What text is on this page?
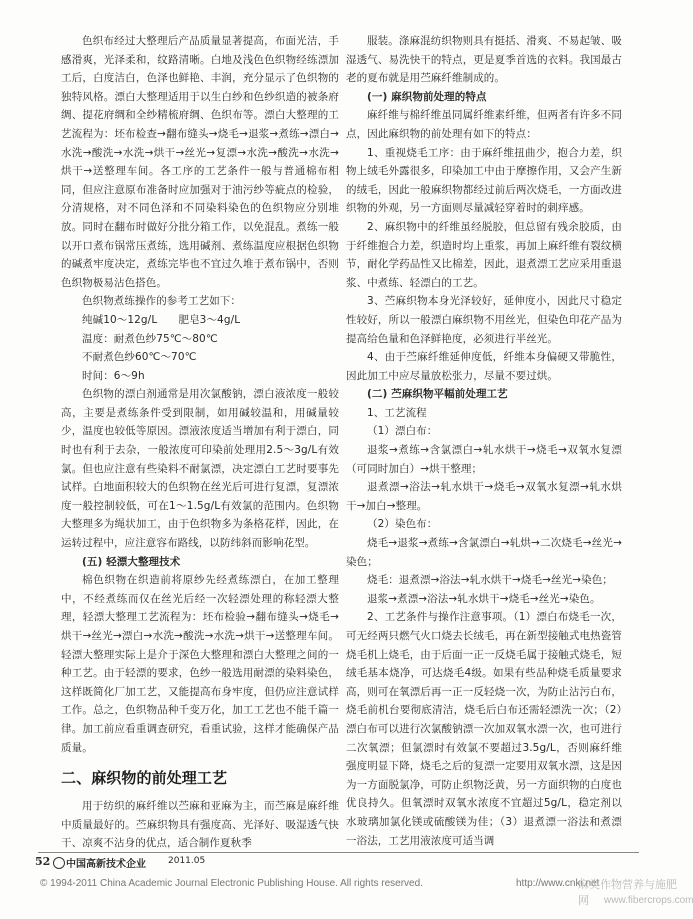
色织布经过大整理后产品质量显著提高，布面光洁，手感滑爽，光泽柔和，纹路清晰。白地及浅色色织物经练漂加工后，白度洁白，色泽也鲜艳、丰润，充分显示了色织物的独特风格。漂白大整理适用于以生白纱和色纱织造的被条府绸、提花府绸和全纱精梳府绸、色织布等。漂白大整理的工艺流程为：坯布检查→翻布缝头→烧毛→退浆→煮练→漂白→水洗→酸洗→水洗→烘干→丝光→复漂→水洗→酸洗→水洗→烘干→送整理车间。各工序的工艺条件一般与普通棉布相同，但应注意原布准备时应加强对于油污纱等疵点的检验，分清规格，对不同色泽和不同染料染色的色织物应分别堆放。同时在翻布时做好分批分箱工作，以免混乱。煮练一般以开口煮布锅常压煮练，选用碱剂、煮练温度应根据色织物的碱煮牢度决定，煮练完毕也不宜过久堆于煮布锅中，否则色织物极易沾色搭色。

色织物煮练操作的参考工艺如下：

纯碱10～12g/L　　肥皂3～4g/L

温度：耐煮色纱75℃～80℃

不耐煮色纱60℃～70℃

时间：6～9h

色织物的漂白剂通常是用次氯酸钠，漂白液浓度一般较高，主要是煮练条件受到限制，如用碱较温和，用碱量较少，温度也较低等原因。漂液浓度适当增加有利于漂白，同时也有利于去杂，一般浓度可印染前处理用2.5～3g/L有效氯。但也应注意有些染料不耐氯漂，决定漂白工艺时要事先试样。白地面积较大的色织物在丝光后可进行复漂，复漂浓度一般控制较低，可在1～1.5g/L有效氯的范围内。色织物大整理多为绳状加工，由于色织物多为条格花样，因此，在运转过程中，应注意容布路线，以防纬斜而影响花型。

(五) 轻漂大整理技术

棉色织物在织造前将原纱先经煮练漂白，在加工整理中，不经煮练而仅在丝光后经一次轻漂处理的称轻漂大整理，轻漂大整理工艺流程为：坯布检验→翻布缝头→烧毛→烘干→丝光→漂白→水洗→酸洗→水洗→烘干→送整理车间。轻漂大整理实际上是介于深色大整理和漂白大整理之间的一种工艺。由于轻漂的要求，色纱一般选用耐漂的染料染色，这样既简化厂加工艺，又能提高布身牢度，但仍应注意试样工作。总之，色织物品种千变万化，加工工艺也不能千篇一律。加工前应看重调查研究，看重试验，这样才能确保产品质量。

二、麻织物的前处理工艺

用于纺织的麻纤维以苎麻和亚麻为主，而苎麻是麻纤维中质量最好的。苎麻织物具有强度高、光泽好、吸湿透气快干、凉爽不沾身的优点，适合制作夏秋季

服装。涤麻混纺织物则具有挺括、滑爽、不易起皱、吸湿透气、易洗快干的特点，更是夏季首选的衣料。我国最古老的夏布就是用苎麻纤维制成的。

(一) 麻织物前处理的特点

麻纤维与棉纤维虽同属纤维素纤维，但两者有许多不同点，因此麻织物的前处理有如下的特点：

1、重视烧毛工序：由于麻纤维扭曲少，抱合力差，织物上绒毛外露很多，印染加工中由于摩擦作用，又会产生新的绒毛，因此一般麻织物都经过前后两次烧毛，一方面改进织物的外观，另一方面则尽量减轻穿着时的刺痒感。

2、麻织物中的纤维虽经脱胶，但总留有残余胶质，由于纤维抱合力差，织造时均上重浆，再加上麻纤维有裂纹横节，耐化学药品性又比棉差，因此，退煮漂工艺应采用重退浆、中煮练、轻漂白的工艺。

3、苎麻织物本身光泽较好，延伸度小，因此尺寸稳定性较好，所以一般漂白麻织物不用丝光，但染色印花产品为提高给色量和色泽鲜艳度，必须进行半丝光。

4、由于苎麻纤维延伸度低，纤维本身偏硬又带脆性，因此加工中应尽量放松张力，尽量不要过烘。

(二) 苎麻织物平幅前处理工艺

1、工艺流程

（1）漂白布：

退浆→煮练→含氯漂白→轧水烘干→烧毛→双氧水复漂（可同时加白）→烘干整理；

退煮漂→浴法→轧水烘干→烧毛→双氧水复漂→轧水烘干→加白→整理。

（2）染色布：

烧毛→退浆→煮练→含氯漂白→轧烘→二次烧毛→丝光→染色；

烧毛：退煮漂→浴法→轧水烘干→烧毛→丝光→染色；

退浆→煮漂→浴法→轧水烘干→烧毛→丝光→染色。

2、工艺条件与操作注意事项。（1）漂白布烧毛一次，可无经两只燃气火口烧去长绒毛，再在新型接触式电热瓷管烧毛机上烧毛，由于后面一正一反烧毛属于接触式烧毛，短绒毛基本烧净，可达烧毛4级。如果有些品种烧毛质量要求高，则可在氧漂后再一正一反轻烧一次，为防止沾污白布，烧毛前机台要彻底清洁，烧毛后白布还需轻漂洗一次；（2）漂白布可以进行次氯酸钠漂一次加双氧水漂一次，也可进行二次氧漂；但氯漂时有效氯不要超过3.5g/L，否则麻纤维强度明显下降，烧毛之后的复漂一定要用双氧水漂，这是因为一方面脱氯净，可防止织物泛黄，另一方面织物的白度也优良持久。但氧漂时双氧水浓度不宜超过5g/L，稳定剂以水玻璃加氯化镁或硫酸镁为佳；（3）退煮漂一浴法和煮漂一浴法，工艺用液浓度可适当调

52 中国高新技术企业 2011.05
© 1994-2011 China Academic Journal Electronic Publishing House. All rights reserved.	http://www.cnki.net
麻类作物营养与施肥网	www.fibercrops.com
